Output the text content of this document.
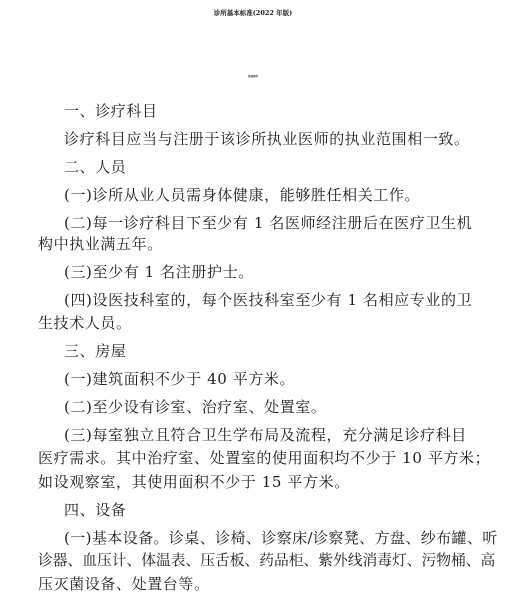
诊所基本标准(2022 年版)
普通诊所
一、诊疗科目
诊疗科目应当与注册于该诊所执业医师的执业范围相一致。
二、人员
(一)诊所从业人员需身体健康，能够胜任相关工作。
(二)每一诊疗科目下至少有 1 名医师经注册后在医疗卫生机
构中执业满五年。
(三)至少有 1 名注册护士。
(四)设医技科室的，每个医技科室至少有 1 名相应专业的卫
生技术人员。
三、房屋
(一)建筑面积不少于 40 平方米。
(二)至少设有诊室、治疗室、处置室。
(三)每室独立且符合卫生学布局及流程，充分满足诊疗科目
医疗需求。其中治疗室、处置室的使用面积均不少于 10 平方米；
如设观察室，其使用面积不少于 15 平方米。
四、设备
(一)基本设备。诊桌、诊椅、诊察床/诊察凳、方盘、纱布罐、听
诊器、血压计、体温表、压舌板、药品柜、紫外线消毒灯、污物桶、高
压灭菌设备、处置台等。
